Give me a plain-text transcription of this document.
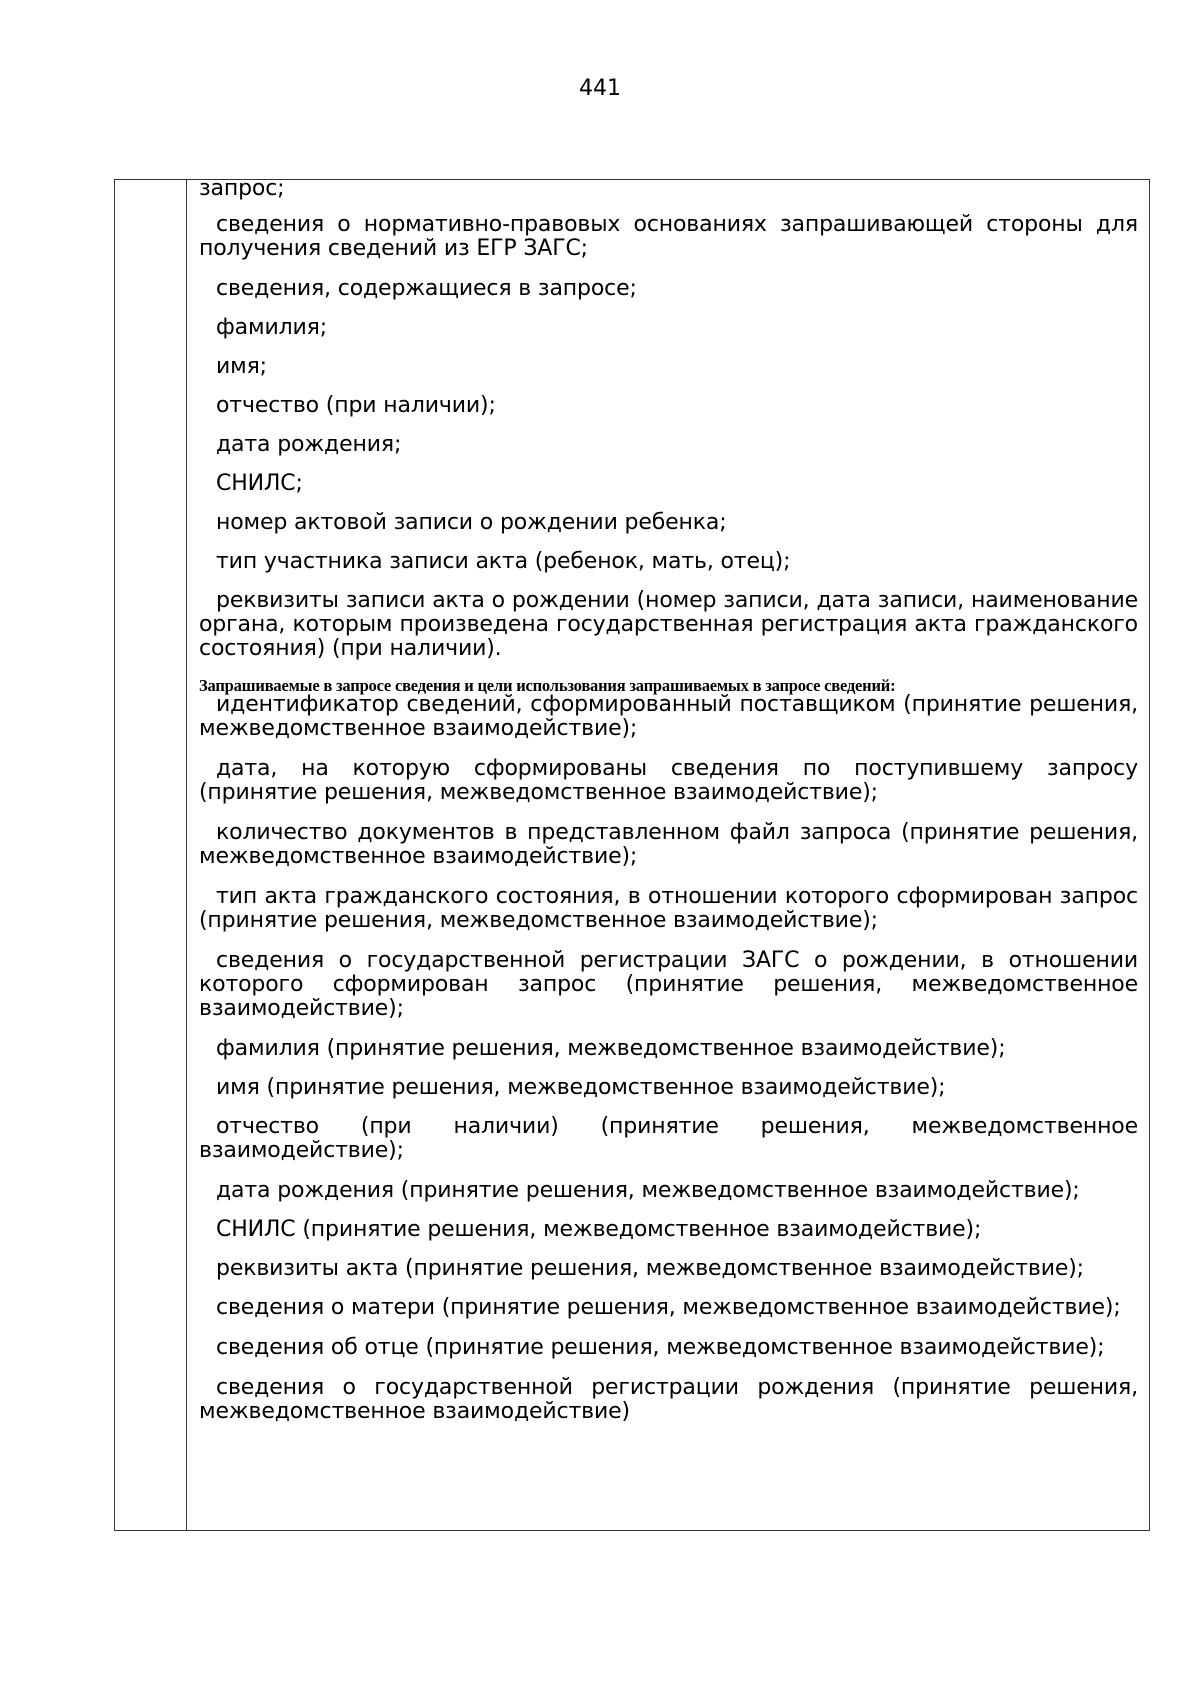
441

запрос;

сведения о нормативно-правовых основаниях запрашивающей стороны для получения сведений из ЕГР ЗАГС;

сведения, содержащиеся в запросе;

фамилия;

имя;

отчество (при наличии);

дата рождения;

СНИЛС;

номер актовой записи о рождении ребенка;

тип участника записи акта (ребенок, мать, отец);

реквизиты записи акта о рождении (номер записи, дата записи, наименование органа, которым произведена государственная регистрация акта гражданского состояния) (при наличии).

Запрашиваемые в запросе сведения и цели использования запрашиваемых в запросе сведений:

идентификатор сведений, сформированный поставщиком (принятие решения, межведомственное взаимодействие);

дата, на которую сформированы сведения по поступившему запросу (принятие решения, межведомственное взаимодействие);

количество документов в представленном файл запроса (принятие решения, межведомственное взаимодействие);

тип акта гражданского состояния, в отношении которого сформирован запрос (принятие решения, межведомственное взаимодействие);

сведения о государственной регистрации ЗАГС о рождении, в отношении которого сформирован запрос (принятие решения, межведомственное взаимодействие);

фамилия (принятие решения, межведомственное взаимодействие);

имя (принятие решения, межведомственное взаимодействие);

отчество (при наличии) (принятие решения, межведомственное взаимодействие);

дата рождения (принятие решения, межведомственное взаимодействие);

СНИЛС (принятие решения, межведомственное взаимодействие);

реквизиты акта (принятие решения, межведомственное взаимодействие);

сведения о матери (принятие решения, межведомственное взаимодействие);

сведения об отце (принятие решения, межведомственное взаимодействие);

сведения о государственной регистрации рождения (принятие решения, межведомственное взаимодействие)
